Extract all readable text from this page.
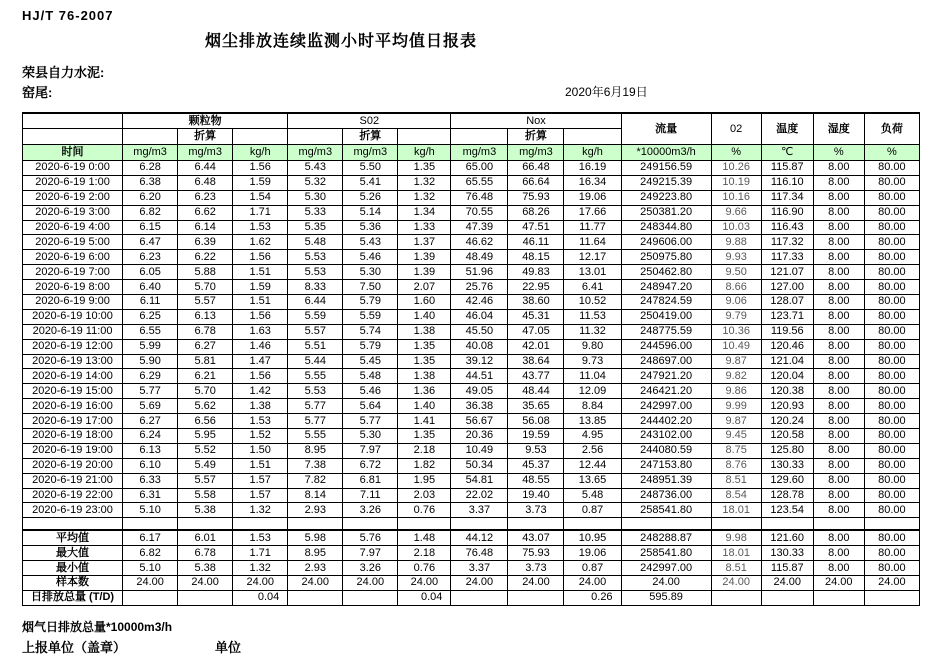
HJ/T 76-2007
烟尘排放连续监测小时平均值日报表
荣县自力水泥:
窑尾:	2020年6月19日
	颗粒物			S02			Nox			流量	02	温度	湿度	负荷
		折算			折算			折算						
时间	mg/m3	mg/m3	kg/h	mg/m3	mg/m3	kg/h	mg/m3	mg/m3	kg/h	*10000m3/h	%	℃	%	%
2020-6-19 0:00	6.28	6.44	1.56	5.43	5.50	1.35	65.00	66.48	16.19	249156.59	10.26	115.87	8.00	80.00
2020-6-19 1:00	6.38	6.48	1.59	5.32	5.41	1.32	65.55	66.64	16.34	249215.39	10.19	116.10	8.00	80.00
2020-6-19 2:00	6.20	6.23	1.54	5.30	5.26	1.32	76.48	75.93	19.06	249223.80	10.16	117.34	8.00	80.00
2020-6-19 3:00	6.82	6.62	1.71	5.33	5.14	1.34	70.55	68.26	17.66	250381.20	9.66	116.90	8.00	80.00
2020-6-19 4:00	6.15	6.14	1.53	5.35	5.36	1.33	47.39	47.51	11.77	248344.80	10.03	116.43	8.00	80.00
2020-6-19 5:00	6.47	6.39	1.62	5.48	5.43	1.37	46.62	46.11	11.64	249606.00	9.88	117.32	8.00	80.00
2020-6-19 6:00	6.23	6.22	1.56	5.53	5.46	1.39	48.49	48.15	12.17	250975.80	9.93	117.33	8.00	80.00
2020-6-19 7:00	6.05	5.88	1.51	5.53	5.30	1.39	51.96	49.83	13.01	250462.80	9.50	121.07	8.00	80.00
2020-6-19 8:00	6.40	5.70	1.59	8.33	7.50	2.07	25.76	22.95	6.41	248947.20	8.66	127.00	8.00	80.00
2020-6-19 9:00	6.11	5.57	1.51	6.44	5.79	1.60	42.46	38.60	10.52	247824.59	9.06	128.07	8.00	80.00
2020-6-19 10:00	6.25	6.13	1.56	5.59	5.59	1.40	46.04	45.31	11.53	250419.00	9.79	123.71	8.00	80.00
2020-6-19 11:00	6.55	6.78	1.63	5.57	5.74	1.38	45.50	47.05	11.32	248775.59	10.36	119.56	8.00	80.00
2020-6-19 12:00	5.99	6.27	1.46	5.51	5.79	1.35	40.08	42.01	9.80	244596.00	10.49	120.46	8.00	80.00
2020-6-19 13:00	5.90	5.81	1.47	5.44	5.45	1.35	39.12	38.64	9.73	248697.00	9.87	121.04	8.00	80.00
2020-6-19 14:00	6.29	6.21	1.56	5.55	5.48	1.38	44.51	43.77	11.04	247921.20	9.82	120.04	8.00	80.00
2020-6-19 15:00	5.77	5.70	1.42	5.53	5.46	1.36	49.05	48.44	12.09	246421.20	9.86	120.38	8.00	80.00
2020-6-19 16:00	5.69	5.62	1.38	5.77	5.64	1.40	36.38	35.65	8.84	242997.00	9.99	120.93	8.00	80.00
2020-6-19 17:00	6.27	6.56	1.53	5.77	5.77	1.41	56.67	56.08	13.85	244402.20	9.87	120.24	8.00	80.00
2020-6-19 18:00	6.24	5.95	1.52	5.55	5.30	1.35	20.36	19.59	4.95	243102.00	9.45	120.58	8.00	80.00
2020-6-19 19:00	6.13	5.52	1.50	8.95	7.97	2.18	10.49	9.53	2.56	244080.59	8.75	125.80	8.00	80.00
2020-6-19 20:00	6.10	5.49	1.51	7.38	6.72	1.82	50.34	45.37	12.44	247153.80	8.76	130.33	8.00	80.00
2020-6-19 21:00	6.33	5.57	1.57	7.82	6.81	1.95	54.81	48.55	13.65	248951.39	8.51	129.60	8.00	80.00
2020-6-19 22:00	6.31	5.58	1.57	8.14	7.11	2.03	22.02	19.40	5.48	248736.00	8.54	128.78	8.00	80.00
2020-6-19 23:00	5.10	5.38	1.32	2.93	3.26	0.76	3.37	3.73	0.87	258541.80	18.01	123.54	8.00	80.00

平均值	6.17	6.01	1.53	5.98	5.76	1.48	44.12	43.07	10.95	248288.87	9.98	121.60	8.00	80.00
最大值	6.82	6.78	1.71	8.95	7.97	2.18	76.48	75.93	19.06	258541.80	18.01	130.33	8.00	80.00
最小值	5.10	5.38	1.32	2.93	3.26	0.76	3.37	3.73	0.87	242997.00	8.51	115.87	8.00	80.00
样本数	24.00	24.00	24.00	24.00	24.00	24.00	24.00	24.00	24.00	24.00	24.00	24.00	24.00	24.00
日排放总量 (T/D)			0.04			0.04			0.26	595.89				
烟气日排放总量*10000m3/h
上报单位（盖章）	单位
